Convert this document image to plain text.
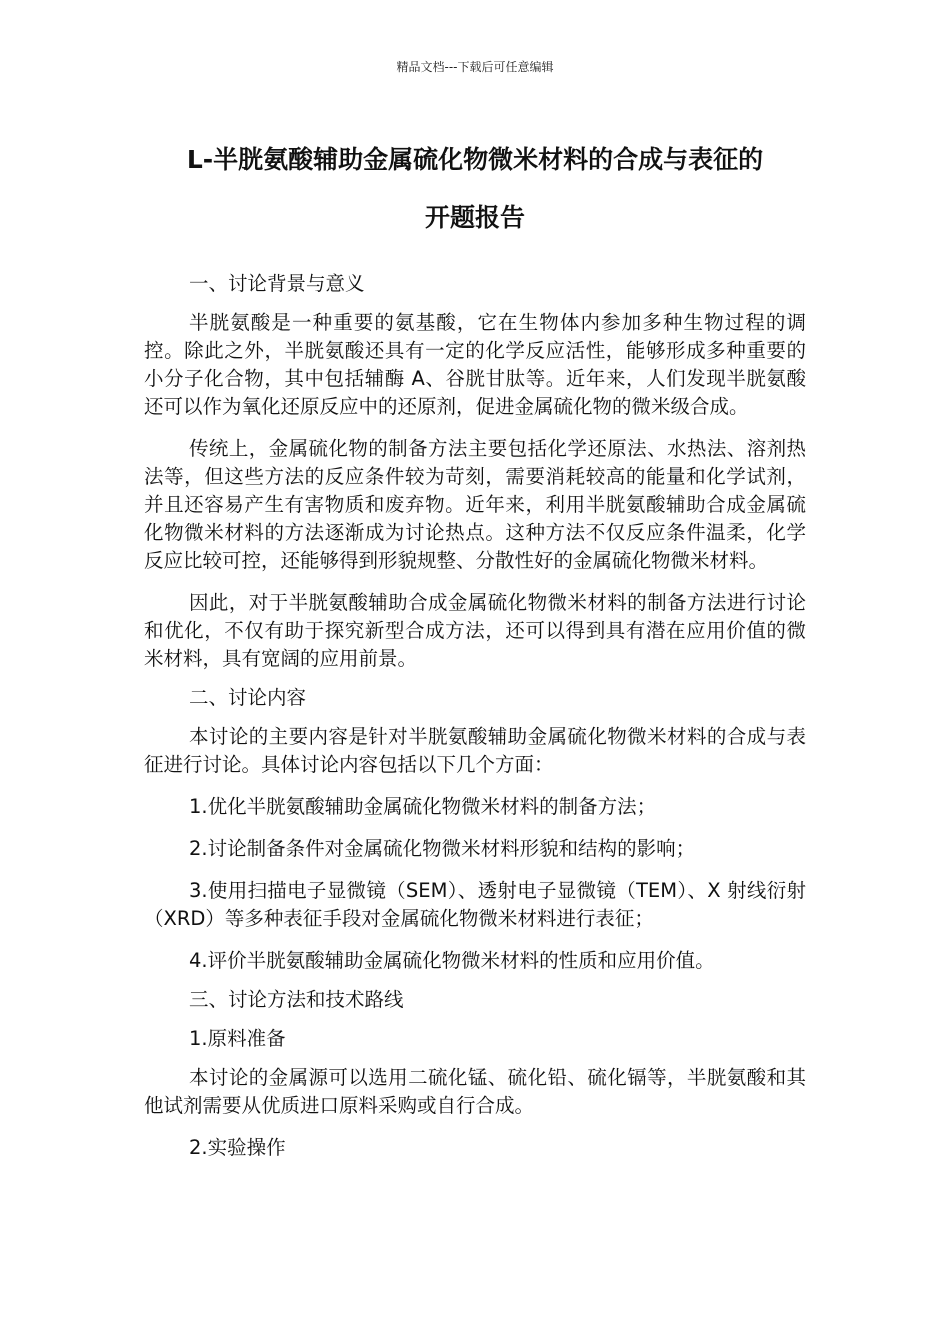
精品文档---下载后可任意编辑
L-半胱氨酸辅助金属硫化物微米材料的合成与表征的
开题报告

一、讨论背景与意义

半胱氨酸是一种重要的氨基酸，它在生物体内参加多种生物过程的调控。除此之外，半胱氨酸还具有一定的化学反应活性，能够形成多种重要的小分子化合物，其中包括辅酶 A、谷胱甘肽等。近年来，人们发现半胱氨酸还可以作为氧化还原反应中的还原剂，促进金属硫化物的微米级合成。

传统上，金属硫化物的制备方法主要包括化学还原法、水热法、溶剂热法等，但这些方法的反应条件较为苛刻，需要消耗较高的能量和化学试剂，并且还容易产生有害物质和废弃物。近年来，利用半胱氨酸辅助合成金属硫化物微米材料的方法逐渐成为讨论热点。这种方法不仅反应条件温柔，化学反应比较可控，还能够得到形貌规整、分散性好的金属硫化物微米材料。

因此，对于半胱氨酸辅助合成金属硫化物微米材料的制备方法进行讨论和优化，不仅有助于探究新型合成方法，还可以得到具有潜在应用价值的微米材料，具有宽阔的应用前景。

二、讨论内容

本讨论的主要内容是针对半胱氨酸辅助金属硫化物微米材料的合成与表征进行讨论。具体讨论内容包括以下几个方面：

1.优化半胱氨酸辅助金属硫化物微米材料的制备方法；

2.讨论制备条件对金属硫化物微米材料形貌和结构的影响；

3.使用扫描电子显微镜（SEM）、透射电子显微镜（TEM）、X 射线衍射（XRD）等多种表征手段对金属硫化物微米材料进行表征；

4.评价半胱氨酸辅助金属硫化物微米材料的性质和应用价值。

三、讨论方法和技术路线

1.原料准备

本讨论的金属源可以选用二硫化锰、硫化铅、硫化镉等，半胱氨酸和其他试剂需要从优质进口原料采购或自行合成。

2.实验操作
